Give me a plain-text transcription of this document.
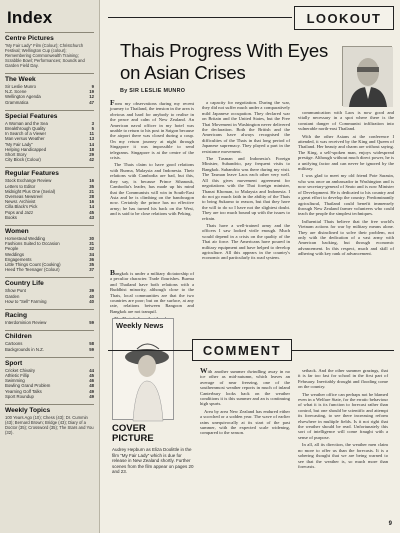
Index
Centre Pictures
“My Fair Lady” Film (Colour); Christchurch Festival; Wellington Cup (colour); Remembering Commonwealth Training; Scrabble Bowl; Performances; Sounds and Garden Field Day.
The Week
Sir Leslie Munro	9
N.Z. Scene	19
Wellington Agenda	12
Grammatica	47
Special Features
A Woman and the Sea	3
Breakthrough Quality	5
In Search of a Viewer	11
Man versus Weather	13
“My Fair Lady”	14
Helping Handicapped	18
Short Story	29
City Block (Colour)	42
Regular Features
Stock Exchange Review	16
Letters to Editor	35
Midnight Plus One (Serial)	21
Overseas Newsreel	28
Newsr. Archivist	16
Cilla Black's Pick	14
Pops and Jazz	45
Books	43
Women
Homestead Wedding	30
Fashions Suited to Occasion	31
People	32
Weddings	34
Engagements	36
Little Things Count (Cooking)	35
Heed The Teenager (Colour)	37
Country Life
Show Punt	39
Garden	40
How to “Sell” Farming	40
Racing
Interdominion Review	59
Children
Cartoons	58
Backgrounds in N.Z.	59
Sport
Cricket Chivalry	44
Athletic Fillip	45
Swimming	46
Bowling Grand Problem	48
Yearning Golf Talks	49
Sport Roundup	49
Weekly Topics
100 Years Ago (10); Chess (43); Dr. Cummin (43); Bernard Brown; Bridge (43); Diary of a Doctor (35); Crossword (35); The Stars and You (32).
LOOKOUT
Thais Progress With Eyes on Asian Crises
By SIR LESLIE MUNRO

From my observations during my recent journey to Thailand, the tension in the area is obvious and hard for anybody to realise in the peace and calm of New Zealand. An American naval officer in my hotel was unable to return to his post in Saigon because the airport there was closed during a coup. On my return journey at night through Singapore it was impossible to send telegrams. Singapore is at the centre of the crisis.

The Thais claim to have good relations with Burma, Malaysia and Indonesia. Their relations with Cambodia are bad, but this, they say, is because Prince Sihanouk, Cambodia's leader, has made up his mind that the Communists will win in South-East Asia and he is climbing on the bandwagon now. Certainly the prince has no effective army; he has turned his back on the West, and is said to be close relations with Peking.

Bangkok is under a military dictatorship of a peculiar character. Trade flourishes. Burma and Thailand have both relations with a Buddhist minority, although close to the Thais, local communities are that the two countries are poor; but on the surface, at any rate, relations between Rangoon and Bangkok are not tranquil.

a capacity for negotiation. During the war, they did not suffer much under a comparatively mild Japanese occupation. They declared war on Britain and the United States, but the Free Thai Movement in Washington never delivered the declaration. Both the British and the Americans have always recognised the difficulties of the Thais in that long period of Japanese supremacy. They played a part in the resistance movement.

The Tasman and Indonesia's Foreign Minister, Subandrio, pay frequent visits to Bangkok. Subandrio was there during my visit. The Tasman leave Laos each other very well. All this gives movement agreement for negotiations with the Thai foreign minister, Thanat Khoman, to Malaysia and Indonesia. I do not go much faith in the ability of the Thais to bring Sukarno to reason, but that they have the will to do so I have not the slightest doubt. They are too much bound up with the issues to refrain.

Thais have a well-trained army and the officers I saw looked virile enough. Much would depend in a crisis on the quality of the Thai air force. The Americans have poured in military equipment and have helped to develop agriculture. All this appears in the country's economic and particularly its road system.

communication with Laos is now good and vitally necessary in a spot where there is the constant danger of Communist infiltration into vulnerable north-east Thailand.

With the other Asians at the conference I attended, it was received by the King and Queen of Thailand. Her beauty and charm are without saying. The King, a self-spoken man, enjoys widespread prestige. Although without much direct power, he is a unifying factor and can never be ignored by the military.

I was glad to meet my old friend Pote Sarasin, who was once an ambassador in Washington and is now secretary-general of Seato and is now Minister of Development. He is dedicated to his country and a great effort to develop the country. Predominantly agricultural, Thailand could benefit immensely through New Zealand farmer volunteers who could teach the people the simplest techniques.

Influential Thais believe that the free world's Vietnam actions for war by military means alone. They are disinclined to solve their problem, not only with the dedication of a vast army with American backing, but through economic advancement. In this respect, much and skill of adhering with key rank of advancement.

Weekly News
COVER PICTURE
Audrey Hepburn as Eliza Doolittle in the film “My Fair Lady” which is due for release in New Zealand shortly. Further scenes from the film appear on pages 20 and 23.
COMMENT

With another summer dwindling away in no ice other as mid-autumn, which leaves an average of near freezing, one of the southernmost weather reports in much of inland Canterbury looks back on the weather conditions it is this summer and an is continuing high spurts.

Area by area New Zealand has endured either a scorched or a sodden year. The wave of earlier rains unequivocally at its start of the past summer, with the expected scale widening, compared to the season.

setback. And the other summer grazings, that it is far too fast for school in the first part of February. Inevitably drought and flooding come on the country.

The weather office can perhaps not be blamed even in a Welfare State, for the erratic behaviour of what it is its function to forecast rather than control, but one should be scientific and attempt its forecasting, to see there increasing reform elsewhere in multiple fields. Is it not right that the weather should be read. Unfortunately this sort of intelligence will come fraught with a sense of purpose.

In all, all its direction, the weather men claim no more to offer us than the forecasts. It is a sobering thought that we are being warned to see that the weather is, so much more than forecasts.

9
